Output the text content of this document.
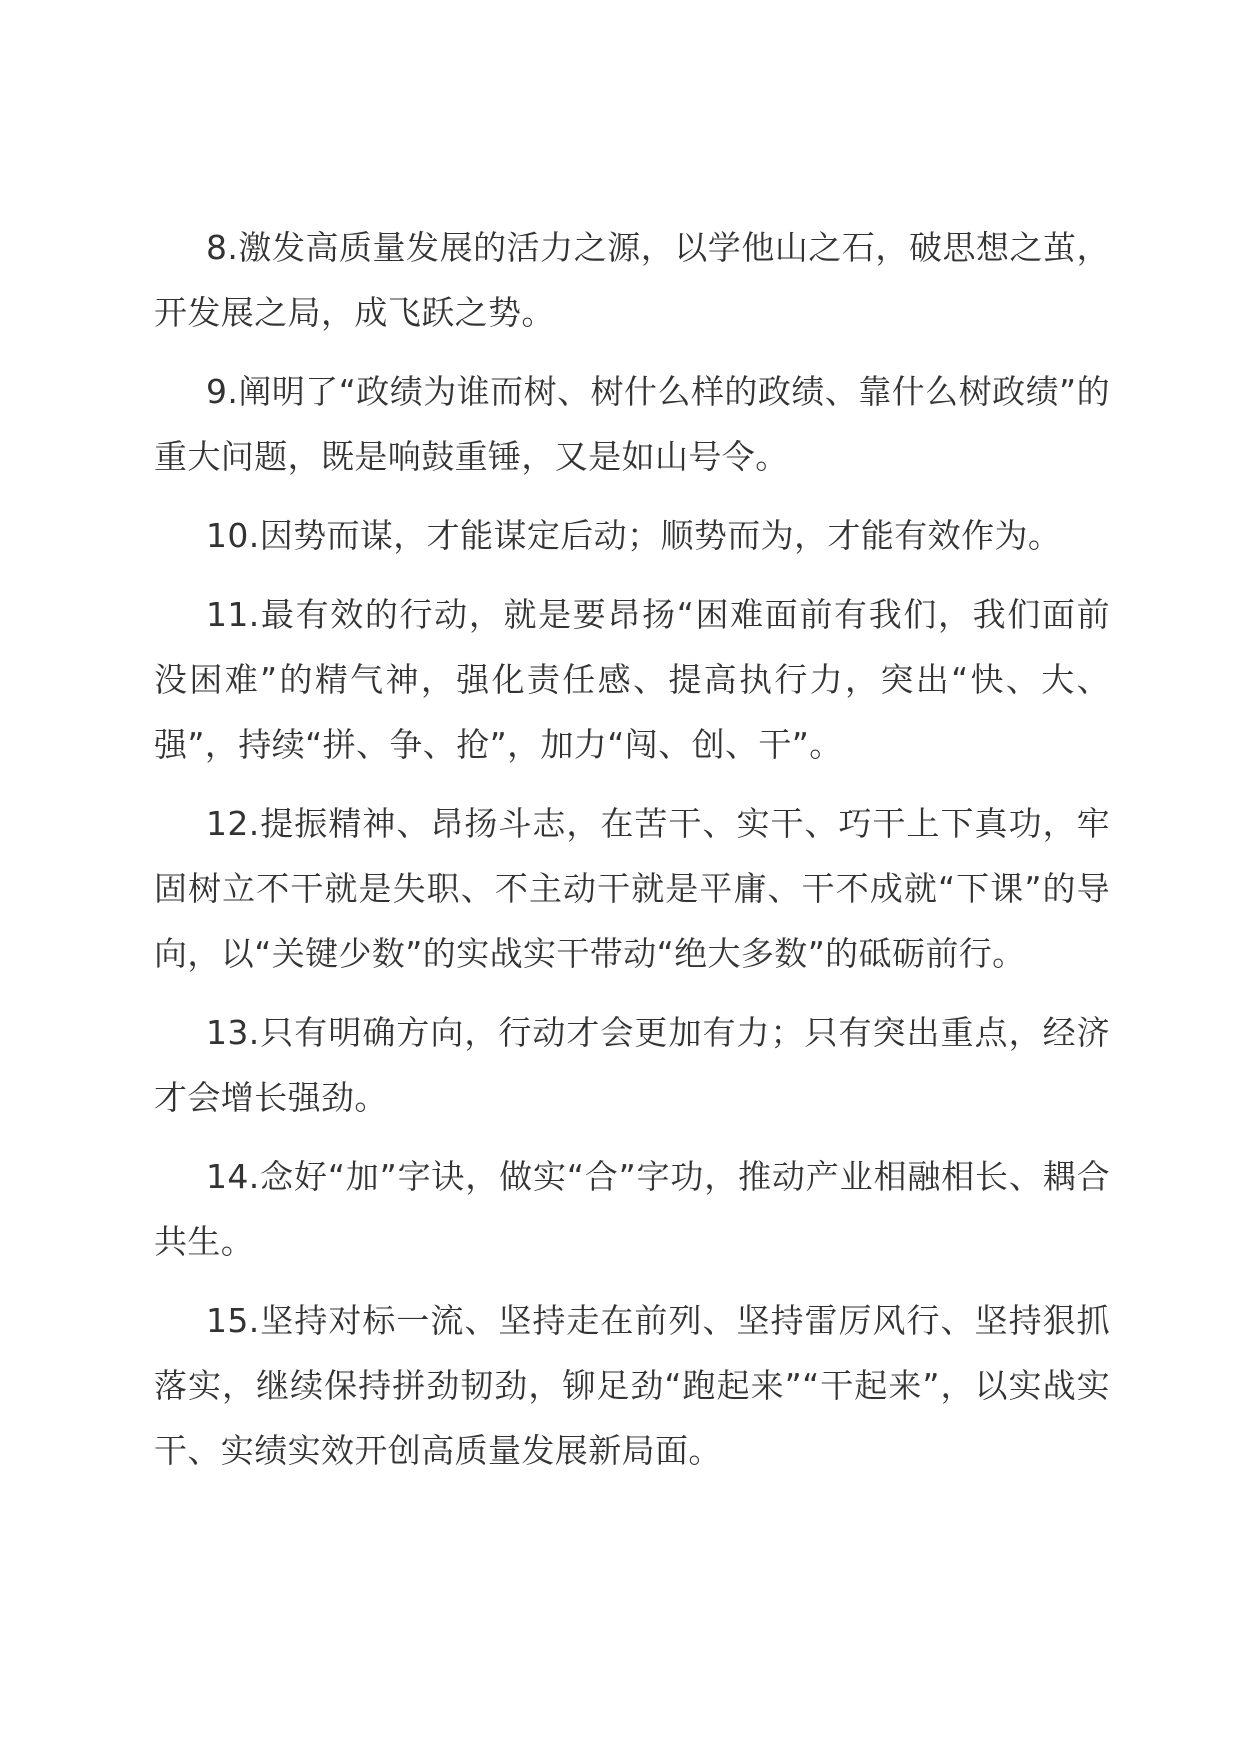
8.激发高质量发展的活力之源，以学他山之石，破思想之茧，开发展之局，成飞跃之势。

9.阐明了“政绩为谁而树、树什么样的政绩、靠什么树政绩”的重大问题，既是响鼓重锤，又是如山号令。

10.因势而谋，才能谋定后动；顺势而为，才能有效作为。

11.最有效的行动，就是要昂扬“困难面前有我们，我们面前没困难”的精气神，强化责任感、提高执行力，突出“快、大、强”，持续“拼、争、抢”，加力“闯、创、干”。

12.提振精神、昂扬斗志，在苦干、实干、巧干上下真功，牢固树立不干就是失职、不主动干就是平庸、干不成就“下课”的导向，以“关键少数”的实战实干带动“绝大多数”的砥砺前行。

13.只有明确方向，行动才会更加有力；只有突出重点，经济才会增长强劲。

14.念好“加”字诀，做实“合”字功，推动产业相融相长、耦合共生。

15.坚持对标一流、坚持走在前列、坚持雷厉风行、坚持狠抓落实，继续保持拼劲韧劲，铆足劲“跑起来”“干起来”，以实战实干、实绩实效开创高质量发展新局面。
